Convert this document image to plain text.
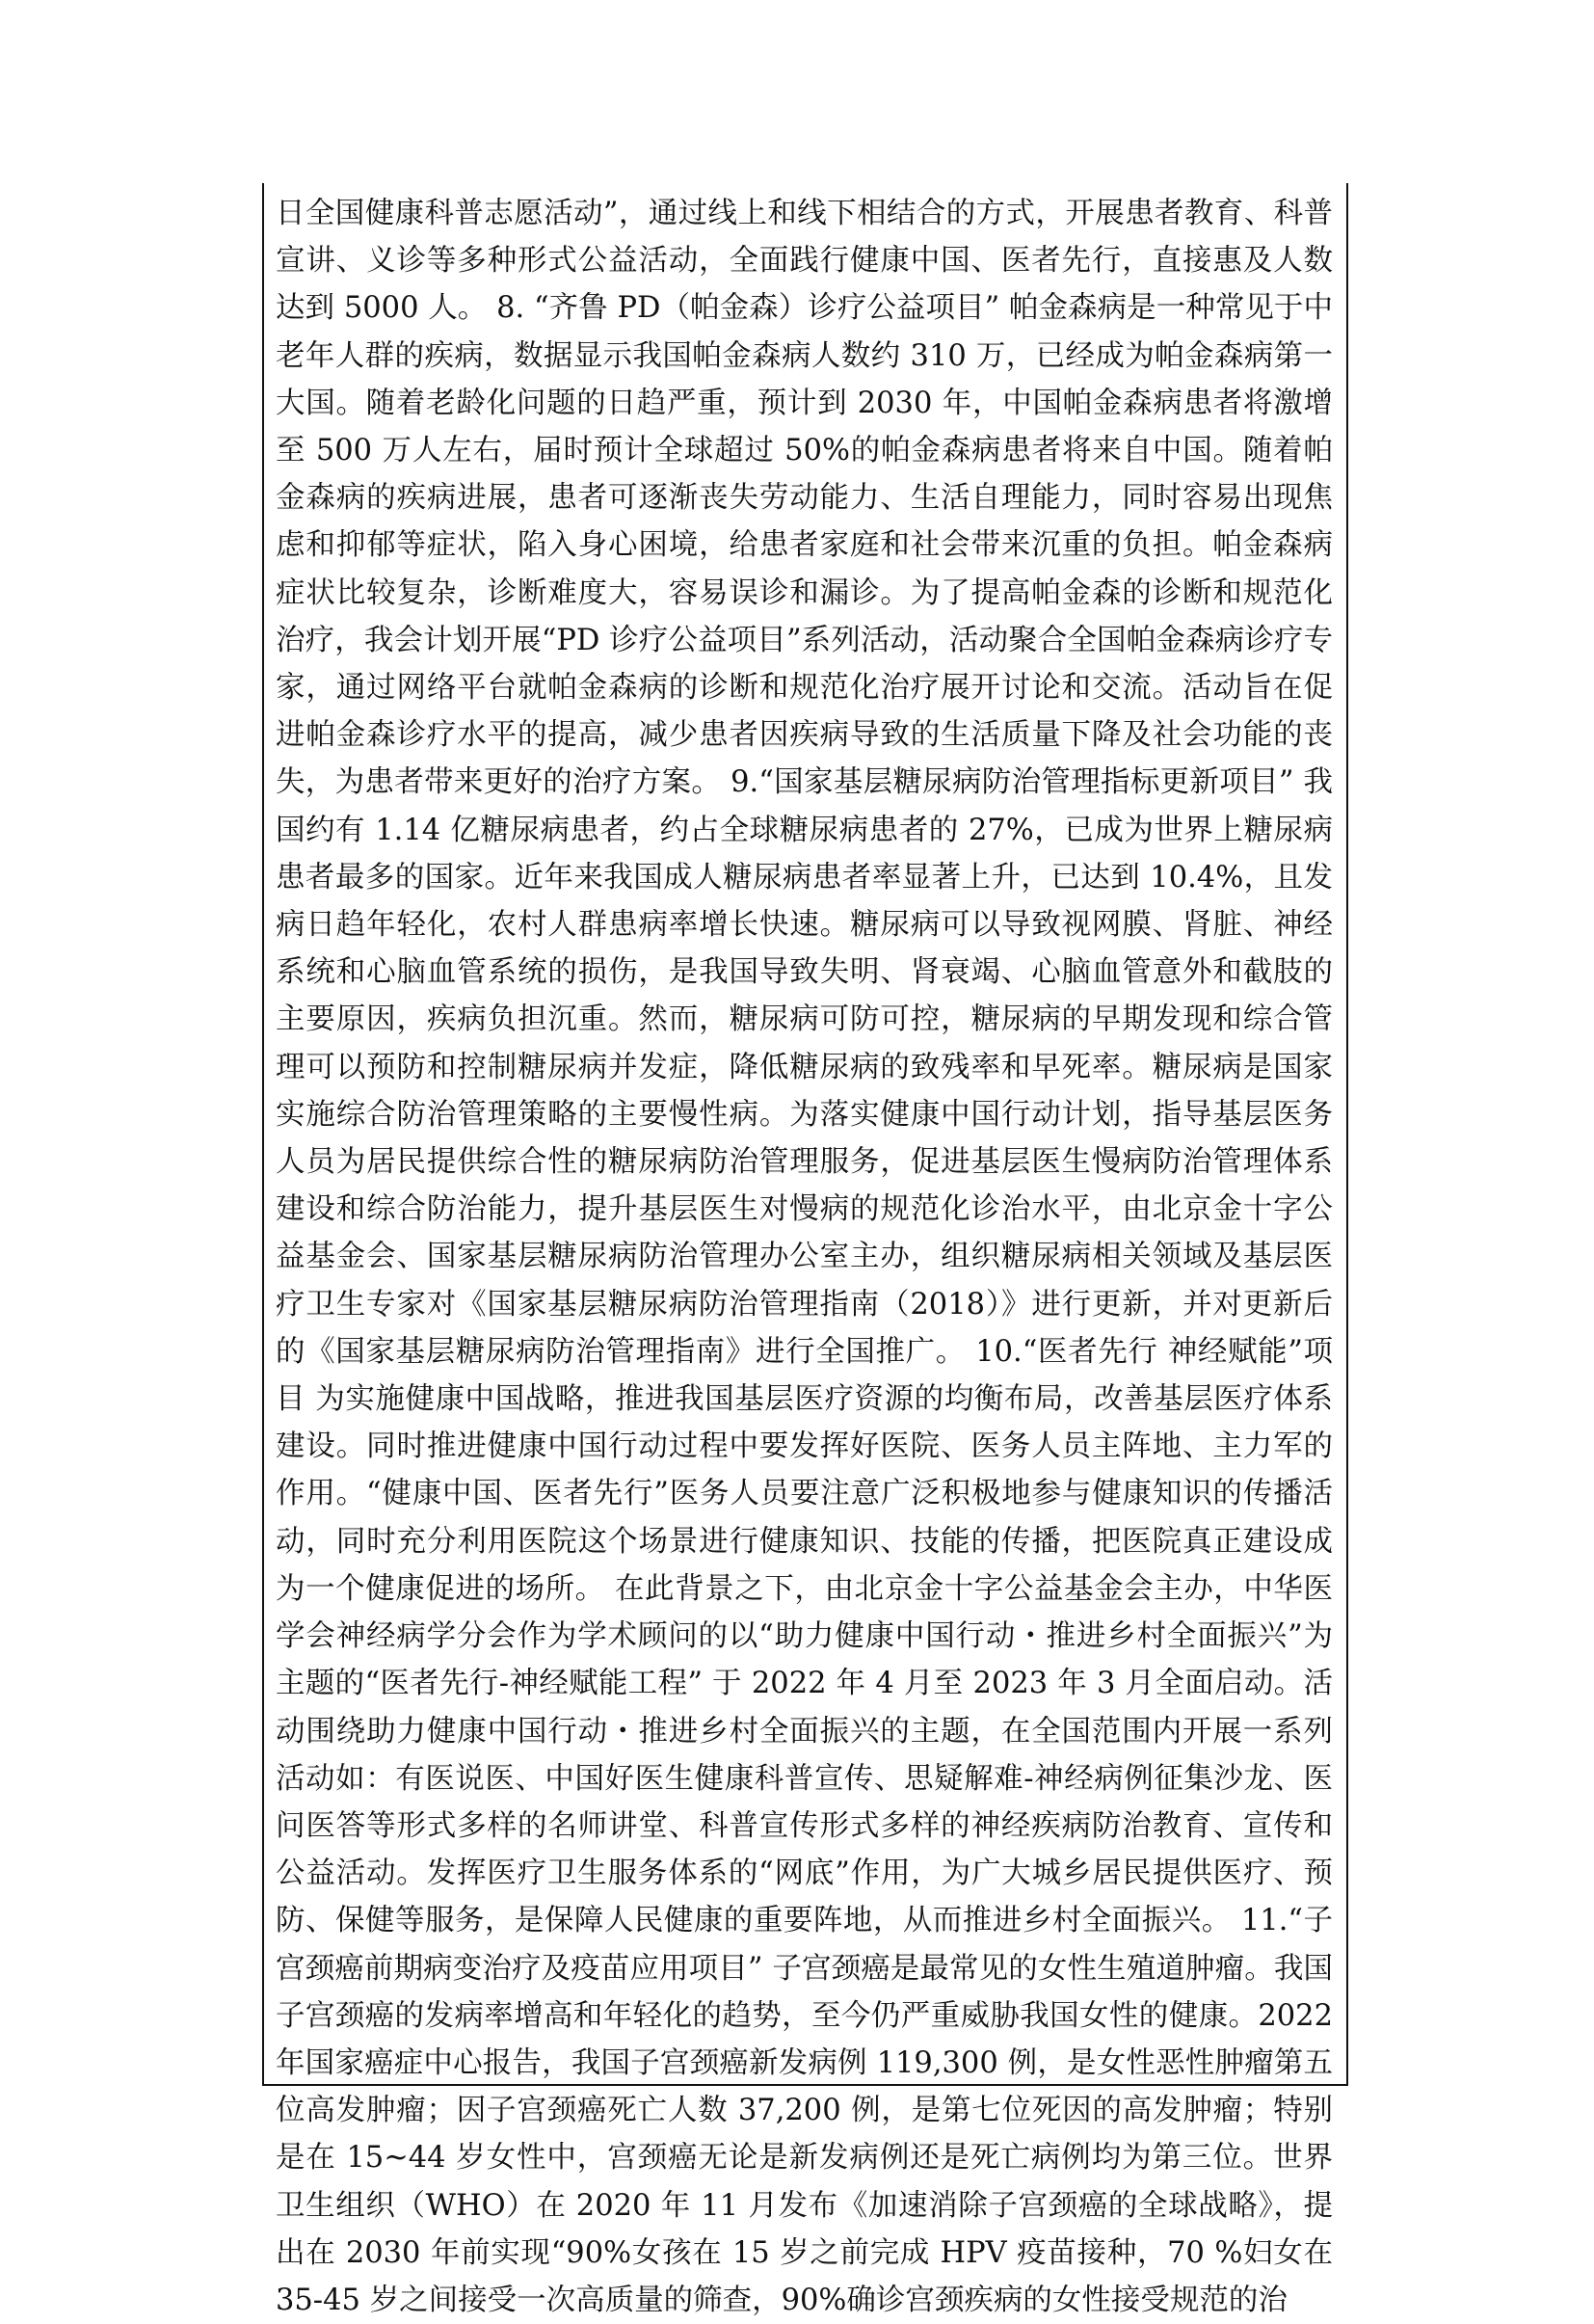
日全国健康科普志愿活动”，通过线上和线下相结合的方式，开展患者教育、科普宣讲、义诊等多种形式公益活动，全面践行健康中国、医者先行，直接惠及人数达到 5000 人。 8. “齐鲁 PD（帕金森）诊疗公益项目” 帕金森病是一种常见于中老年人群的疾病，数据显示我国帕金森病人数约 310 万，已经成为帕金森病第一大国。随着老龄化问题的日趋严重，预计到 2030 年，中国帕金森病患者将激增至 500 万人左右，届时预计全球超过 50%的帕金森病患者将来自中国。随着帕金森病的疾病进展，患者可逐渐丧失劳动能力、生活自理能力，同时容易出现焦虑和抑郁等症状，陷入身心困境，给患者家庭和社会带来沉重的负担。帕金森病症状比较复杂，诊断难度大，容易误诊和漏诊。为了提高帕金森的诊断和规范化治疗，我会计划开展“PD 诊疗公益项目”系列活动，活动聚合全国帕金森病诊疗专家，通过网络平台就帕金森病的诊断和规范化治疗展开讨论和交流。活动旨在促进帕金森诊疗水平的提高，减少患者因疾病导致的生活质量下降及社会功能的丧失，为患者带来更好的治疗方案。 9.“国家基层糖尿病防治管理指标更新项目” 我国约有 1.14 亿糖尿病患者，约占全球糖尿病患者的 27%，已成为世界上糖尿病患者最多的国家。近年来我国成人糖尿病患者率显著上升，已达到 10.4%，且发病日趋年轻化，农村人群患病率增长快速。糖尿病可以导致视网膜、肾脏、神经系统和心脑血管系统的损伤，是我国导致失明、肾衰竭、心脑血管意外和截肢的主要原因，疾病负担沉重。然而，糖尿病可防可控，糖尿病的早期发现和综合管理可以预防和控制糖尿病并发症，降低糖尿病的致残率和早死率。糖尿病是国家实施综合防治管理策略的主要慢性病。为落实健康中国行动计划，指导基层医务人员为居民提供综合性的糖尿病防治管理服务，促进基层医生慢病防治管理体系建设和综合防治能力，提升基层医生对慢病的规范化诊治水平，由北京金十字公益基金会、国家基层糖尿病防治管理办公室主办，组织糖尿病相关领域及基层医疗卫生专家对《国家基层糖尿病防治管理指南（2018）》进行更新，并对更新后的《国家基层糖尿病防治管理指南》进行全国推广。 10.“医者先行 神经赋能”项目 为实施健康中国战略，推进我国基层医疗资源的均衡布局，改善基层医疗体系建设。同时推进健康中国行动过程中要发挥好医院、医务人员主阵地、主力军的作用。“健康中国、医者先行”医务人员要注意广泛积极地参与健康知识的传播活动，同时充分利用医院这个场景进行健康知识、技能的传播，把医院真正建设成为一个健康促进的场所。 在此背景之下，由北京金十字公益基金会主办，中华医学会神经病学分会作为学术顾问的以“助力健康中国行动・推进乡村全面振兴”为主题的“医者先行-神经赋能工程” 于 2022 年 4 月至 2023 年 3 月全面启动。活动围绕助力健康中国行动・推进乡村全面振兴的主题，在全国范围内开展一系列活动如：有医说医、中国好医生健康科普宣传、思疑解难-神经病例征集沙龙、医问医答等形式多样的名师讲堂、科普宣传形式多样的神经疾病防治教育、宣传和公益活动。发挥医疗卫生服务体系的“网底”作用，为广大城乡居民提供医疗、预防、保健等服务，是保障人民健康的重要阵地，从而推进乡村全面振兴。 11.“子宫颈癌前期病变治疗及疫苗应用项目” 子宫颈癌是最常见的女性生殖道肿瘤。我国子宫颈癌的发病率增高和年轻化的趋势，至今仍严重威胁我国女性的健康。2022 年国家癌症中心报告，我国子宫颈癌新发病例 119,300 例，是女性恶性肿瘤第五位高发肿瘤；因子宫颈癌死亡人数 37,200 例，是第七位死因的高发肿瘤；特别是在 15~44 岁女性中，宫颈癌无论是新发病例还是死亡病例均为第三位。世界卫生组织（WHO）在 2020 年 11 月发布《加速消除子宫颈癌的全球战略》，提出在 2030 年前实现“90%女孩在 15 岁之前完成 HPV 疫苗接种，70 %妇女在 35-45 岁之间接受一次高质量的筛查，90%确诊宫颈疾病的女性接受规范的治
